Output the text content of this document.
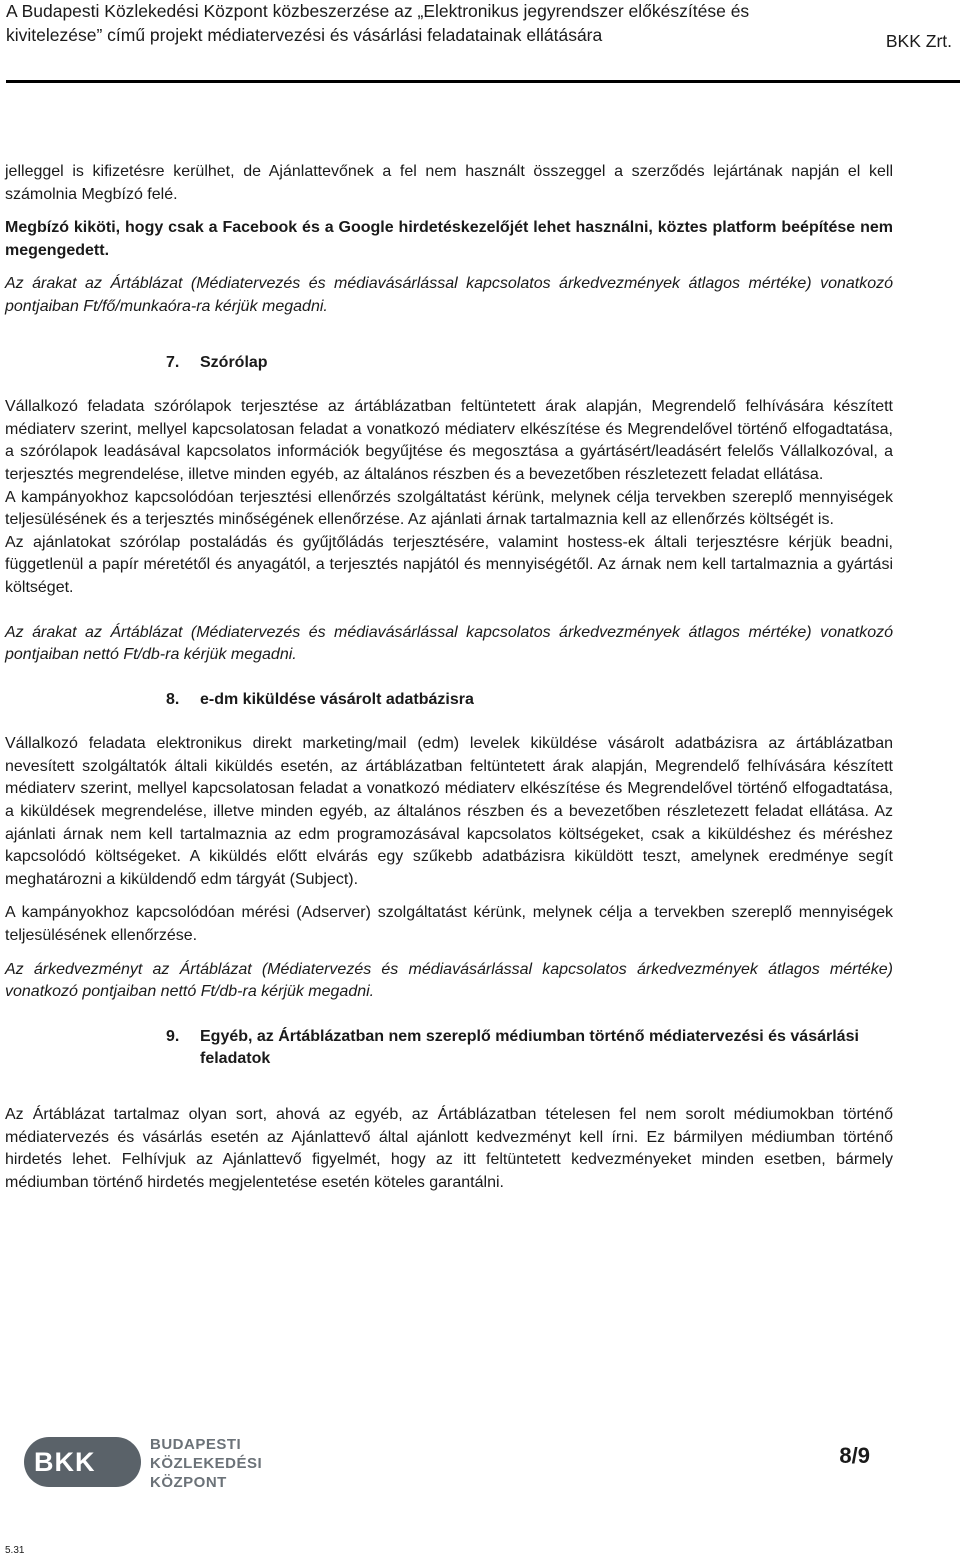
A Budapesti Közlekedési Központ közbeszerzése az „Elektronikus jegyrendszer előkészítése és kivitelezése” című projekt médiatervezési és vásárlási feladatainak ellátására	BKK Zrt.

jelleggel is kifizetésre kerülhet, de Ajánlattevőnek a fel nem használt összeggel a szerződés lejártának napján el kell számolnia Megbízó felé.

Megbízó kiköti, hogy csak a Facebook és a Google hirdetéskezelőjét lehet használni, köztes platform beépítése nem megengedett.

Az árakat az Ártáblázat (Médiatervezés és médiavásárlással kapcsolatos árkedvezmények átlagos mértéke) vonatkozó pontjaiban Ft/fő/munkaóra-ra kérjük megadni.

7.	Szórólap

Vállalkozó feladata szórólapok terjesztése az ártáblázatban feltüntetett árak alapján, Megrendelő felhívására készített médiaterv szerint, mellyel kapcsolatosan feladat a vonatkozó médiaterv elkészítése és Megrendelővel történő elfogadtatása, a szórólapok leadásával kapcsolatos információk begyűjtése és megosztása a gyártásért/leadásért felelős Vállalkozóval, a terjesztés megrendelése, illetve minden egyéb, az általános részben és a bevezetőben részletezett feladat ellátása.

A kampányokhoz kapcsolódóan terjesztési ellenőrzés szolgáltatást kérünk, melynek célja tervekben szereplő mennyiségek teljesülésének és a terjesztés minőségének ellenőrzése. Az ajánlati árnak tartalmaznia kell az ellenőrzés költségét is.

Az ajánlatokat szórólap postaládás és gyűjtőládás terjesztésére, valamint hostess-ek általi terjesztésre kérjük beadni, függetlenül a papír méretétől és anyagától, a terjesztés napjától és mennyiségétől. Az árnak nem kell tartalmaznia a gyártási költséget.

Az árakat az Ártáblázat (Médiatervezés és médiavásárlással kapcsolatos árkedvezmények átlagos mértéke) vonatkozó pontjaiban nettó Ft/db-ra kérjük megadni.

8.	e-dm kiküldése vásárolt adatbázisra

Vállalkozó feladata elektronikus direkt marketing/mail (edm) levelek kiküldése vásárolt adatbázisra az ártáblázatban nevesített szolgáltatók általi kiküldés esetén, az ártáblázatban feltüntetett árak alapján, Megrendelő felhívására készített médiaterv szerint, mellyel kapcsolatosan feladat a vonatkozó médiaterv elkészítése és Megrendelővel történő elfogadtatása, a kiküldések megrendelése, illetve minden egyéb, az általános részben és a bevezetőben részletezett feladat ellátása. Az ajánlati árnak nem kell tartalmaznia az edm programozásával kapcsolatos költségeket, csak a kiküldéshez és méréshez kapcsolódó költségeket. A kiküldés előtt elvárás egy szűkebb adatbázisra kiküldött teszt, amelynek eredménye segít meghatározni a kiküldendő edm tárgyát (Subject).

A kampányokhoz kapcsolódóan mérési (Adserver) szolgáltatást kérünk, melynek célja a tervekben szereplő mennyiségek teljesülésének ellenőrzése.

Az árkedvezményt az Ártáblázat (Médiatervezés és médiavásárlással kapcsolatos árkedvezmények átlagos mértéke) vonatkozó pontjaiban nettó Ft/db-ra kérjük megadni.

9.	Egyéb, az Ártáblázatban nem szereplő médiumban történő médiatervezési és vásárlási feladatok

Az Ártáblázat tartalmaz olyan sort, ahová az egyéb, az Ártáblázatban tételesen fel nem sorolt médiumokban történő médiatervezés és vásárlás esetén az Ajánlattevő által ajánlott kedvezményt kell írni. Ez bármilyen médiumban történő hirdetés lehet. Felhívjuk az Ajánlattevő figyelmét, hogy az itt feltüntetett kedvezményeket minden esetben, bármely médiumban történő hirdetés megjelentetése esetén köteles garantálni.

BKK
BUDAPESTI
KÖZLEKEDÉSI
KÖZPONT
8/9
5.31
